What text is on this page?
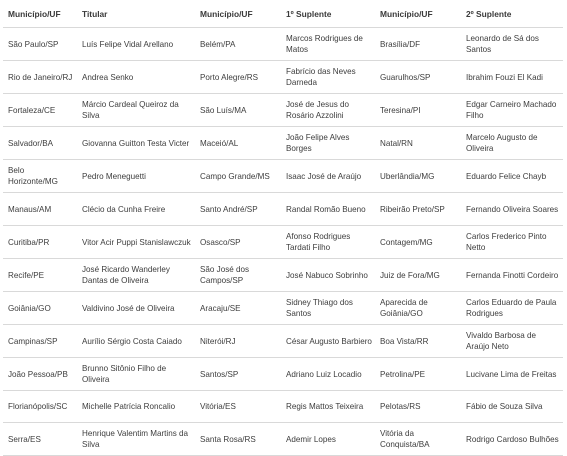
Município/UF	Titular	Município/UF	1º Suplente	Município/UF	2º Suplente
São Paulo/SP	Luís Felipe Vidal Arellano	Belém/PA	Marcos Rodrigues de Matos	Brasília/DF	Leonardo de Sá dos Santos
Rio de Janeiro/RJ	Andrea Senko	Porto Alegre/RS	Fabrício das Neves Darneda	Guarulhos/SP	Ibrahim Fouzi El Kadi
Fortaleza/CE	Márcio Cardeal Queiroz da Silva	São Luís/MA	José de Jesus do Rosário Azzolini	Teresina/PI	Edgar Carneiro Machado Filho
Salvador/BA	Giovanna Guitton Testa Victer	Maceió/AL	João Felipe Alves Borges	Natal/RN	Marcelo Augusto de Oliveira
Belo Horizonte/MG	Pedro Meneguetti	Campo Grande/MS	Isaac José de Araújo	Uberlândia/MG	Eduardo Felice Chayb
Manaus/AM	Clécio da Cunha Freire	Santo André/SP	Randal Romão Bueno	Ribeirão Preto/SP	Fernando Oliveira Soares
Curitiba/PR	Vitor Acir Puppi Stanislawczuk	Osasco/SP	Afonso Rodrigues Tardati Filho	Contagem/MG	Carlos Frederico Pinto Netto
Recife/PE	José Ricardo Wanderley Dantas de Oliveira	São José dos Campos/SP	José Nabuco Sobrinho	Juiz de Fora/MG	Fernanda Finotti Cordeiro
Goiânia/GO	Valdivino José de Oliveira	Aracaju/SE	Sidney Thiago dos Santos	Aparecida de Goiânia/GO	Carlos Eduardo de Paula Rodrigues
Campinas/SP	Aurílio Sérgio Costa Caiado	Niterói/RJ	César Augusto Barbiero	Boa Vista/RR	Vivaldo Barbosa de Araújo Neto
João Pessoa/PB	Brunno Sitônio Filho de Oliveira	Santos/SP	Adriano Luiz Locadio	Petrolina/PE	Lucivane Lima de Freitas
Florianópolis/SC	Michelle Patrícia Roncalio	Vitória/ES	Regis Mattos Teixeira	Pelotas/RS	Fábio de Souza Silva
Serra/ES	Henrique Valentim Martins da Silva	Santa Rosa/RS	Ademir Lopes	Vitória da Conquista/BA	Rodrigo Cardoso Bulhões
